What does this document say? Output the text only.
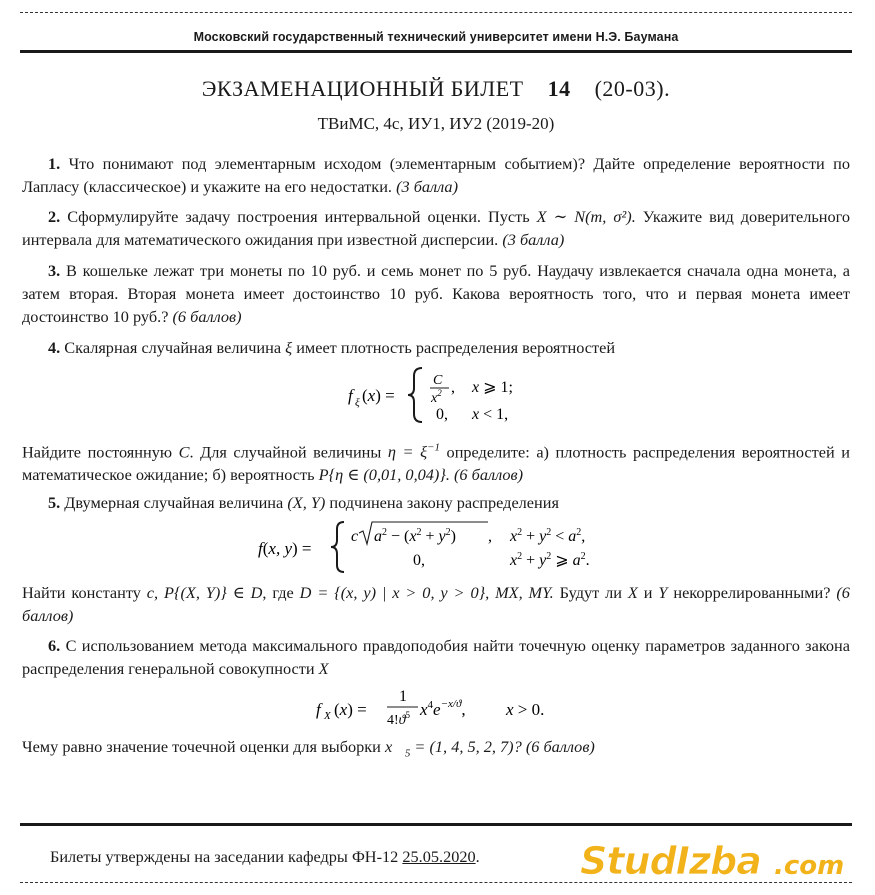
Московский государственный технический университет имени Н.Э. Баумана
ЭКЗАМЕНАЦИОННЫЙ БИЛЕТ 14 (20-03).
ТВиМС, 4с, ИУ1, ИУ2 (2019-20)
1. Что понимают под элементарным исходом (элементарным событием)? Дайте определение вероятности по Лапласу (классическое) и укажите на его недостатки. (3 балла)
2. Сформулируйте задачу построения интервальной оценки. Пусть X ∼ N(m, σ²). Укажите вид доверительного интервала для математического ожидания при известной дисперсии. (3 балла)
3. В кошельке лежат три монеты по 10 руб. и семь монет по 5 руб. Наудачу извлекается сначала одна монета, а затем вторая. Вторая монета имеет достоинство 10 руб. Какова вероятность того, что и первая монета имеет достоинство 10 руб.? (6 баллов)
4. Скалярная случайная величина ξ имеет плотность распределения вероятностей
f ξ (x) =
C
$x^2$ , x ⩾ 1;
0, x < 1,
Найдите постоянную C. Для случайной величины $\eta = \xi^{-1}$ определите: а) плотность распределения вероятностей и математическое ожидание; б) вероятность P{η ∈ (0,01, 0,04)}. (6 баллов)
5. Двумерная случайная величина (X, Y) подчинена закону распределения
f(x, y) =
c $a^2 - (x^2 + y^2)$ , $x^2 + y^2 < a^2$,
0,	$x^2 + y^2$ ⩾ $a^2$.
Найти константу c, P{(X, Y)} ∈ D, где D = {(x, y) | x > 0, y > 0}, MX, MY. Будут ли X и Y некоррелированными? (6 баллов)
6. С использованием метода максимального правдоподобия найти точечную оценку параметров заданного закона распределения генеральной совокупности X
f X (x) =
1
$4!ϑ^5$ $x^4e^{-x/ϑ}$, x > 0.
Чему равно значение точечной оценки для выборки $x⃗_5 = (1$, 4, 5, 2, 7)? (6 баллов)
Билеты утверждены на заседании кафедры ФН-12 25.05.2020.	StudIzba .com
